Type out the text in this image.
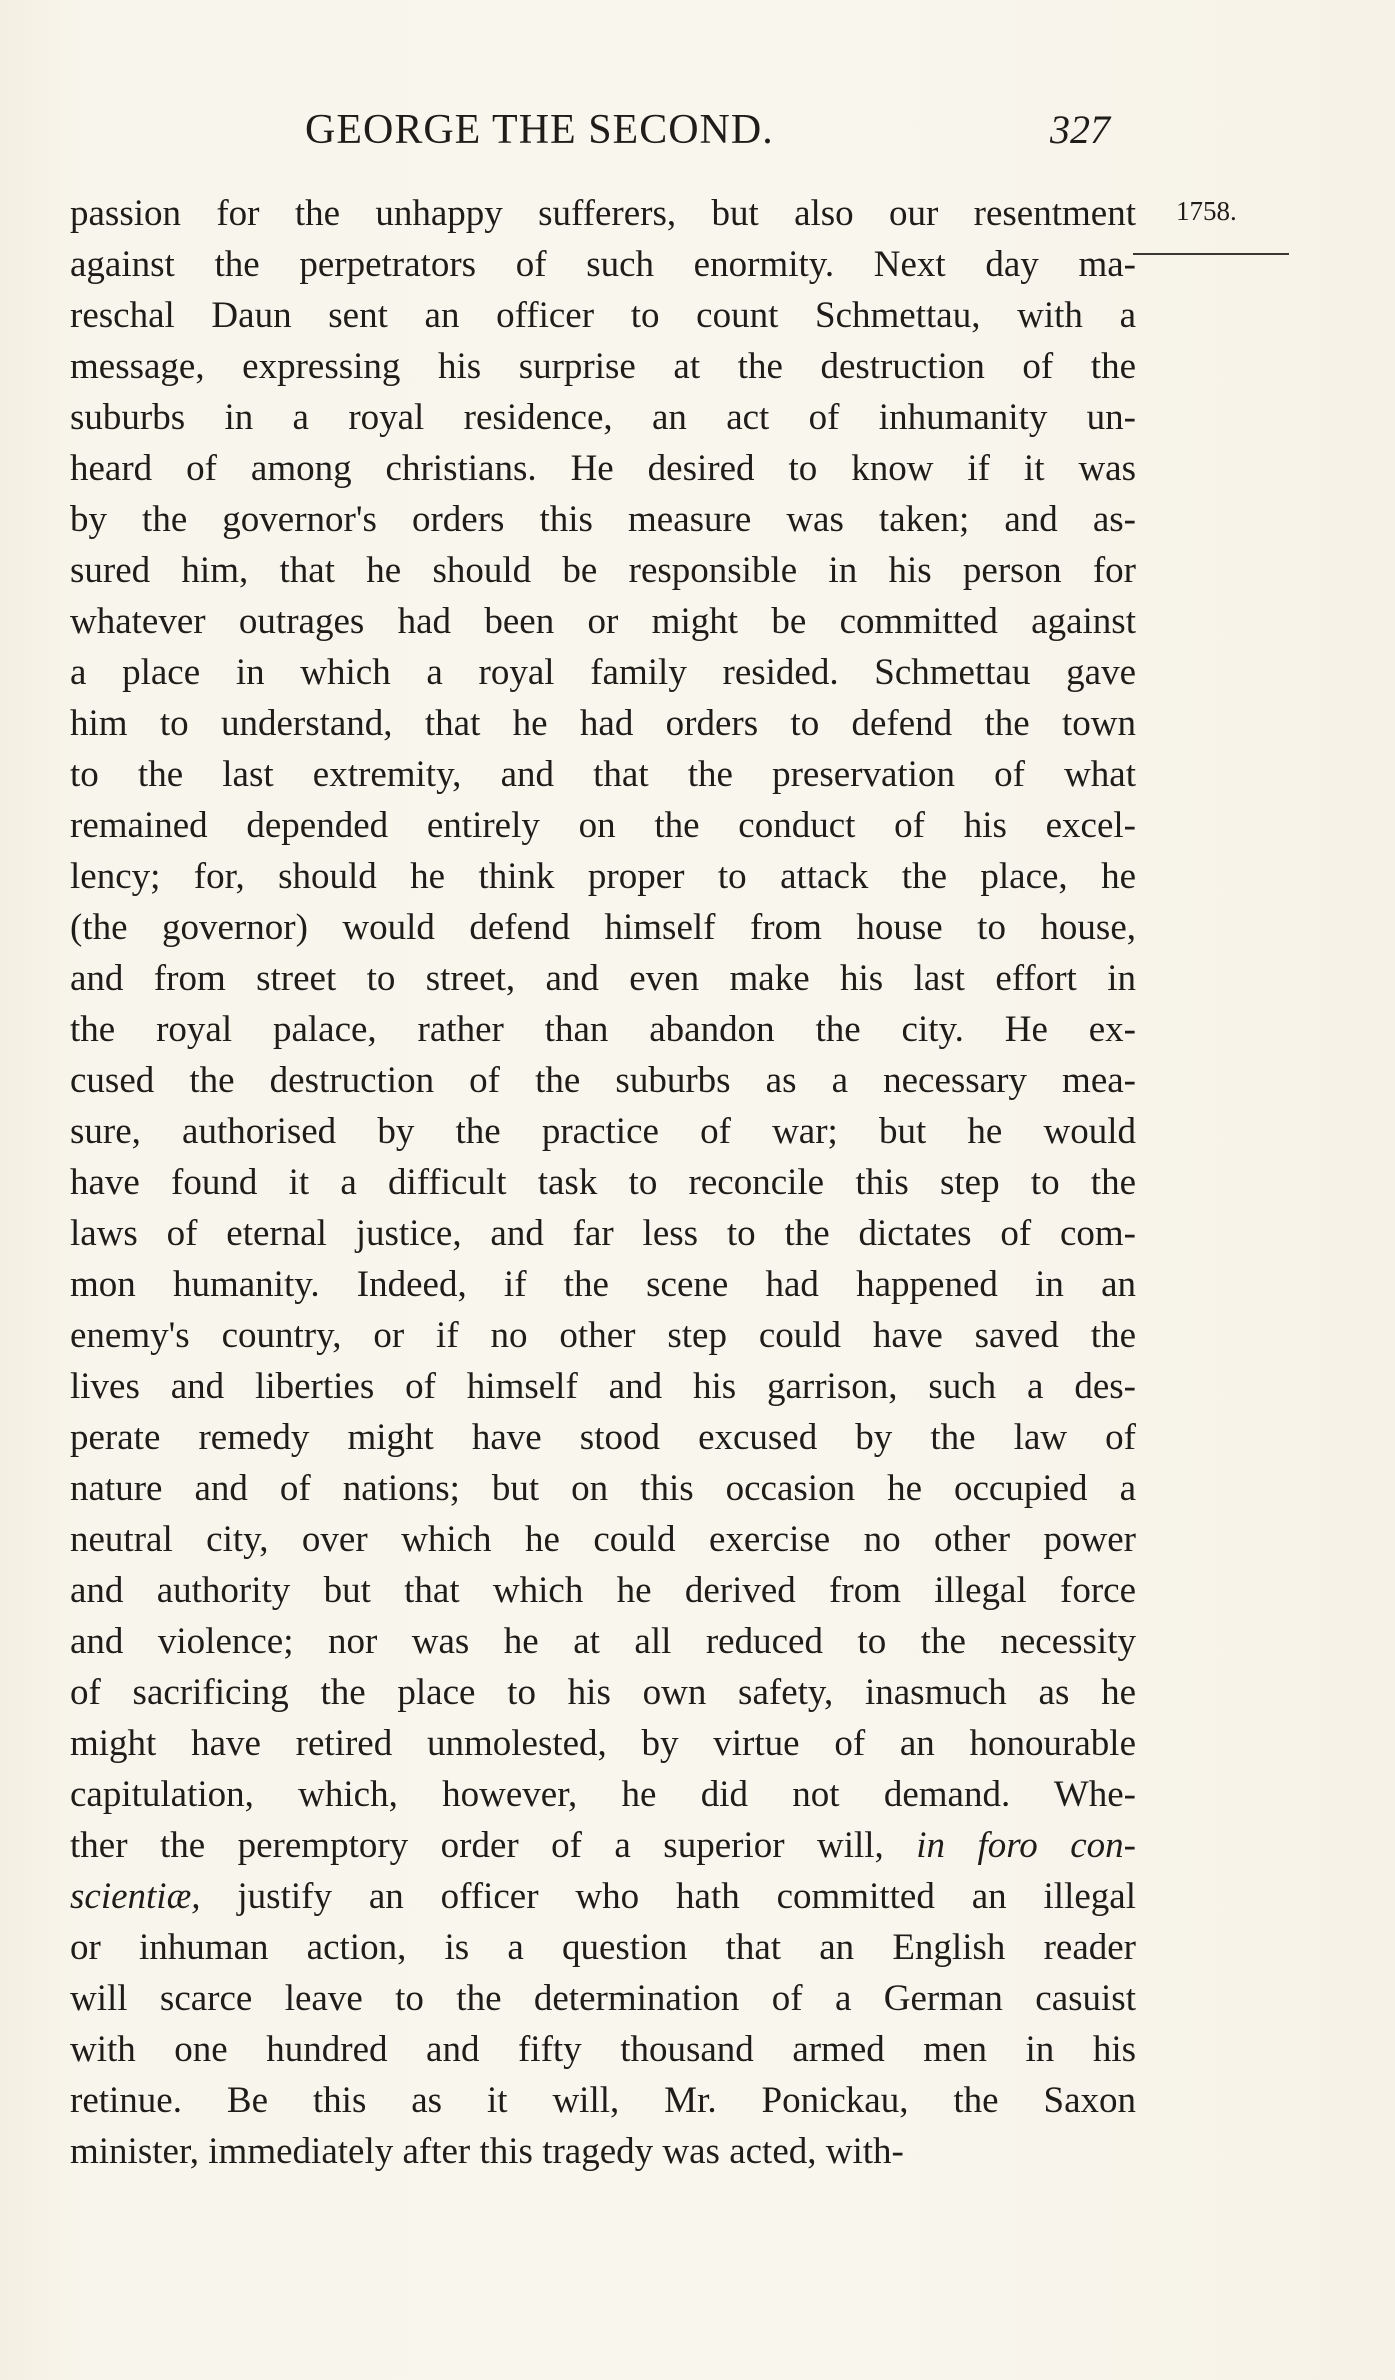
GEORGE THE SECOND.	327
1758.
passion for the unhappy sufferers, but also our resentment
against the perpetrators of such enormity. Next day ma-
reschal Daun sent an officer to count Schmettau, with a
message, expressing his surprise at the destruction of the
suburbs in a royal residence, an act of inhumanity un-
heard of among christians. He desired to know if it was
by the governor's orders this measure was taken; and as-
sured him, that he should be responsible in his person for
whatever outrages had been or might be committed against
a place in which a royal family resided. Schmettau gave
him to understand, that he had orders to defend the town
to the last extremity, and that the preservation of what
remained depended entirely on the conduct of his excel-
lency; for, should he think proper to attack the place, he
(the governor) would defend himself from house to house,
and from street to street, and even make his last effort in
the royal palace, rather than abandon the city. He ex-
cused the destruction of the suburbs as a necessary mea-
sure, authorised by the practice of war; but he would
have found it a difficult task to reconcile this step to the
laws of eternal justice, and far less to the dictates of com-
mon humanity. Indeed, if the scene had happened in an
enemy's country, or if no other step could have saved the
lives and liberties of himself and his garrison, such a des-
perate remedy might have stood excused by the law of
nature and of nations; but on this occasion he occupied a
neutral city, over which he could exercise no other power
and authority but that which he derived from illegal force
and violence; nor was he at all reduced to the necessity
of sacrificing the place to his own safety, inasmuch as he
might have retired unmolested, by virtue of an honourable
capitulation, which, however, he did not demand. Whe-
ther the peremptory order of a superior will, in foro con-
scientiæ, justify an officer who hath committed an illegal
or inhuman action, is a question that an English reader
will scarce leave to the determination of a German casuist
with one hundred and fifty thousand armed men in his
retinue. Be this as it will, Mr. Ponickau, the Saxon
minister, immediately after this tragedy was acted, with-
